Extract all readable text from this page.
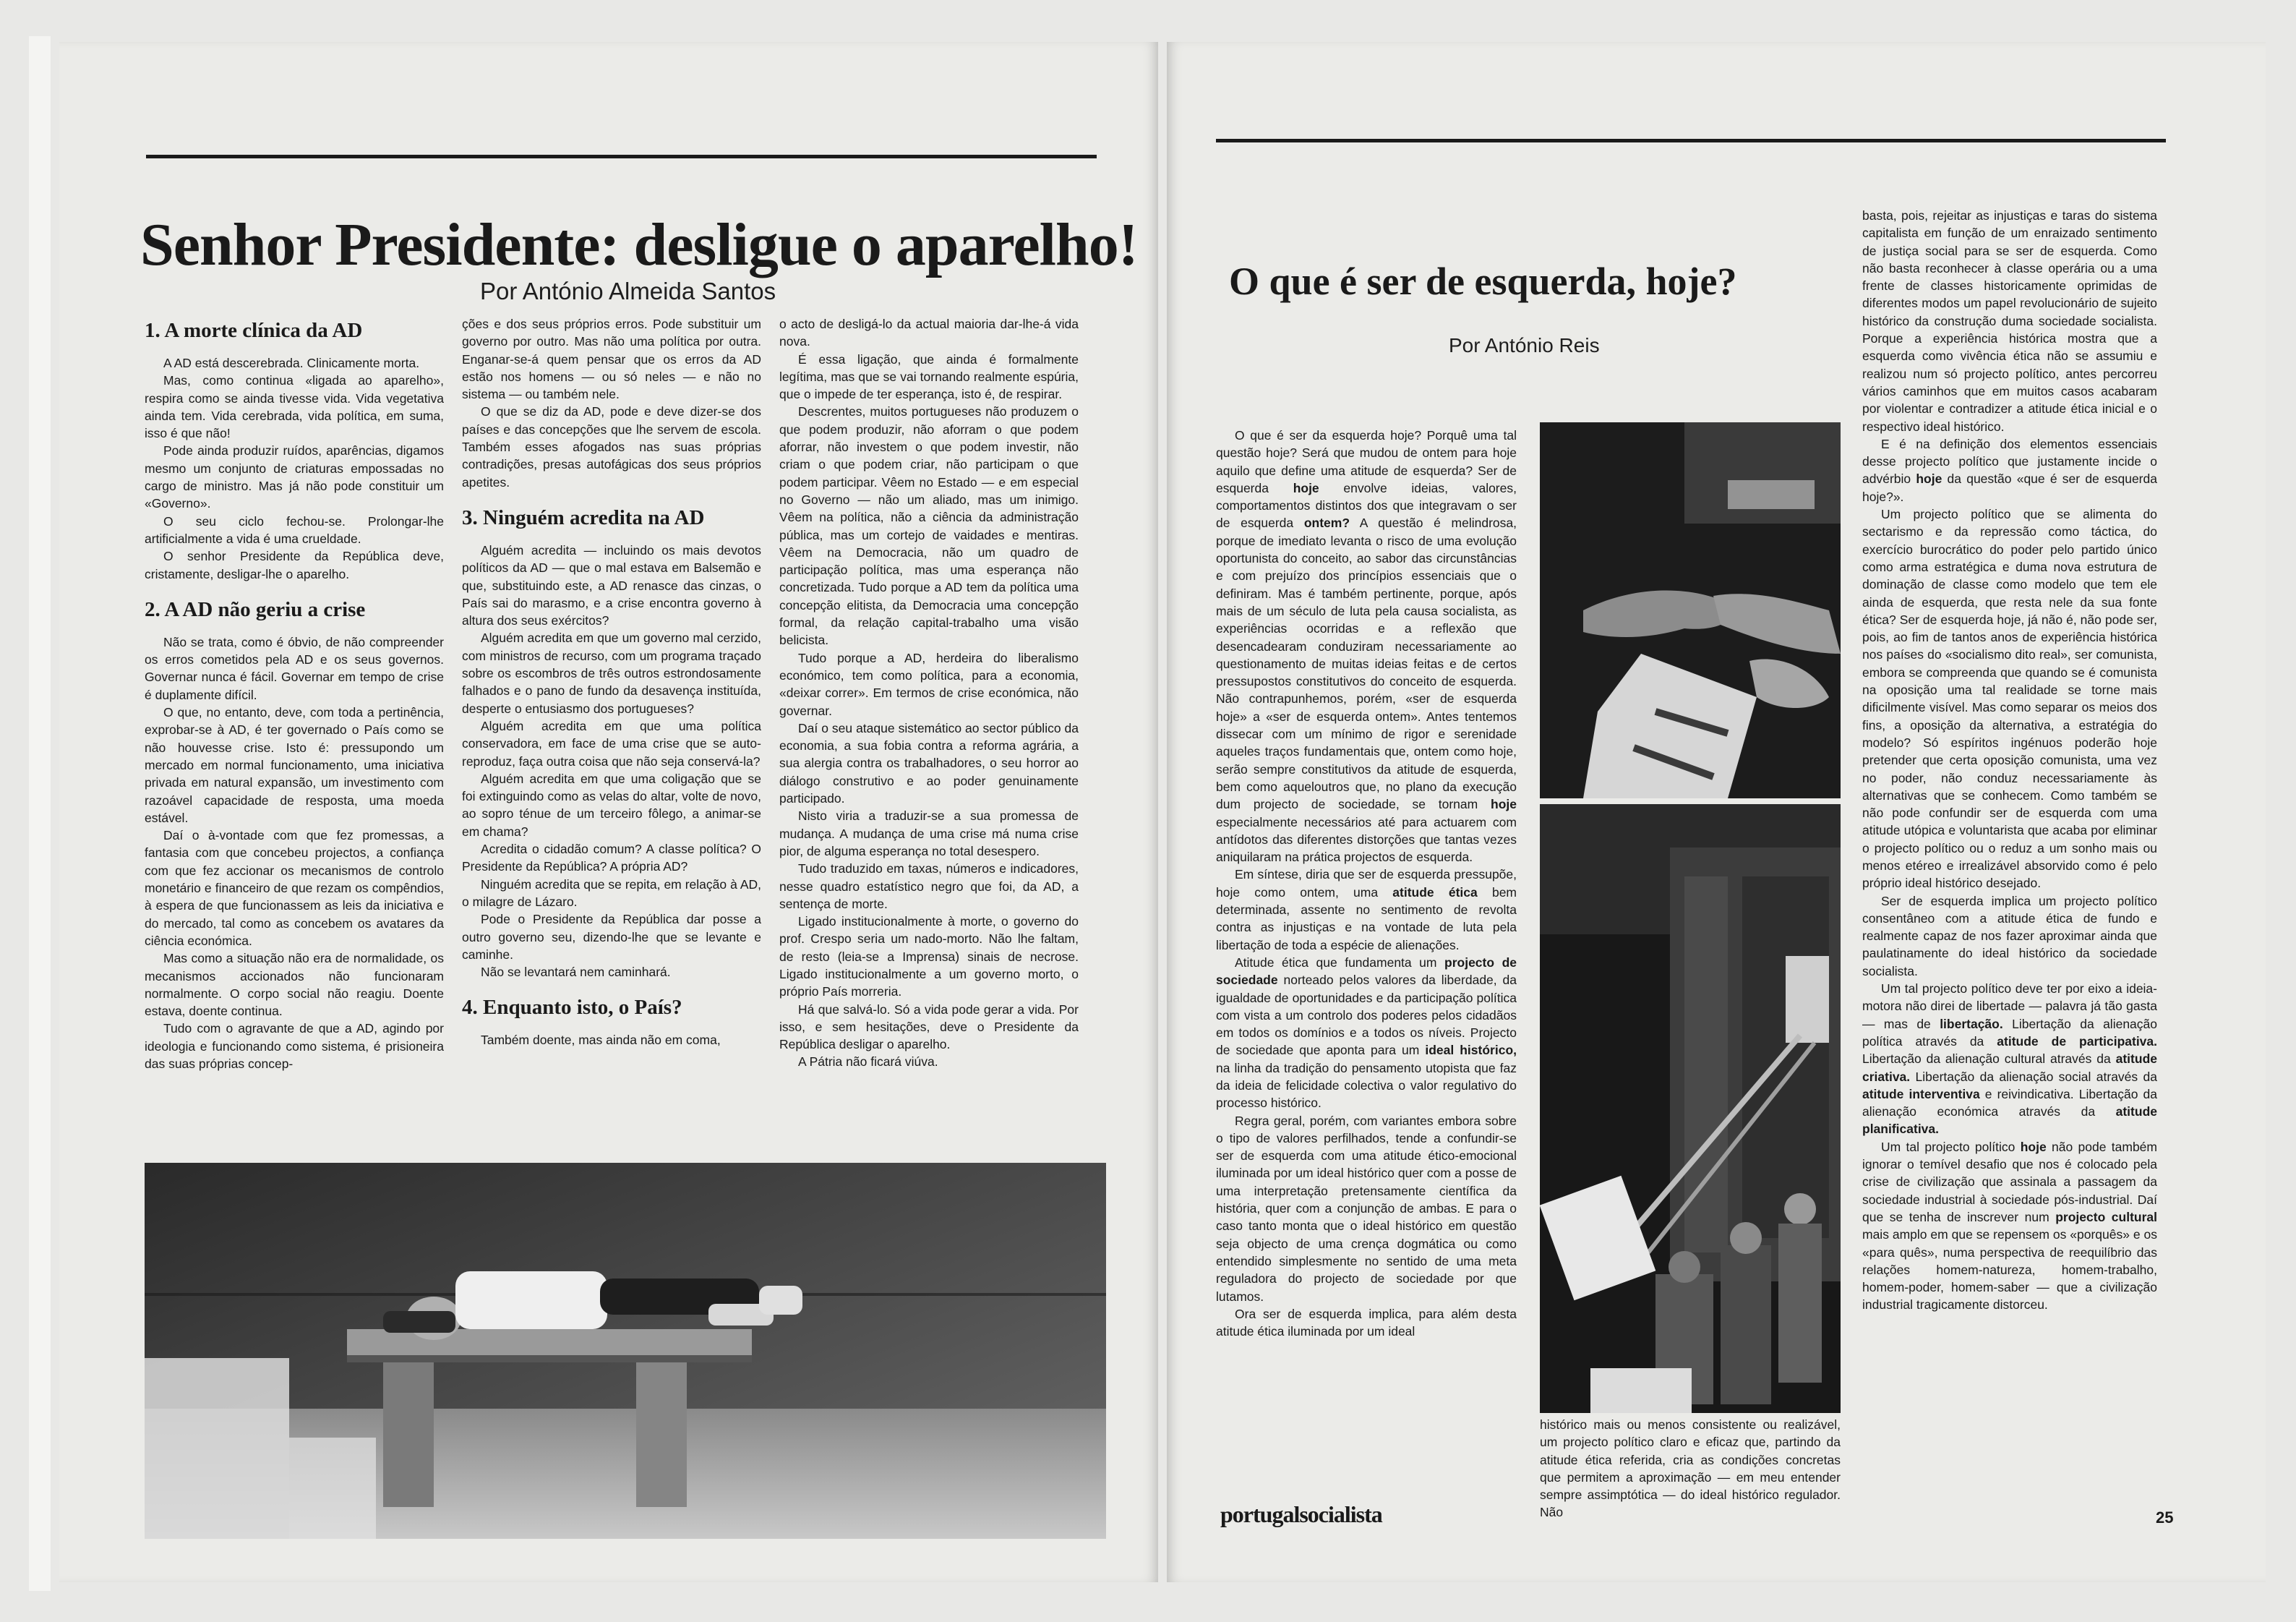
Senhor Presidente: desligue o aparelho!
Por António Almeida Santos
1. A morte clínica da AD

A AD está descerebrada. Clinicamente morta.

Mas, como continua «ligada ao aparelho», respira como se ainda tivesse vida. Vida vegetativa ainda tem. Vida cerebrada, vida política, em suma, isso é que não!

Pode ainda produzir ruídos, aparências, digamos mesmo um conjunto de criaturas empossadas no cargo de ministro. Mas já não pode constituir um «Governo».

O seu ciclo fechou-se. Prolongar-lhe artificialmente a vida é uma crueldade.

O senhor Presidente da República deve, cristamente, desligar-lhe o aparelho.

2. A AD não geriu a crise

Não se trata, como é óbvio, de não compreender os erros cometidos pela AD e os seus governos. Governar nunca é fácil. Governar em tempo de crise é duplamente difícil.

O que, no entanto, deve, com toda a pertinência, exprobar-se à AD, é ter governado o País como se não houvesse crise. Isto é: pressupondo um mercado em normal funcionamento, uma iniciativa privada em natural expansão, um investimento com razoável capacidade de resposta, uma moeda estável.

Daí o à-vontade com que fez promessas, a fantasia com que concebeu projectos, a confiança com que fez accionar os mecanismos de controlo monetário e financeiro de que rezam os compêndios, à espera de que funcionassem as leis da iniciativa e do mercado, tal como as concebem os avatares da ciência económica.

Mas como a situação não era de normalidade, os mecanismos accionados não funcionaram normalmente. O corpo social não reagiu. Doente estava, doente continua.

Tudo com o agravante de que a AD, agindo por ideologia e funcionando como sistema, é prisioneira das suas próprias concep-

ções e dos seus próprios erros. Pode substituir um governo por outro. Mas não uma política por outra. Enganar-se-á quem pensar que os erros da AD estão nos homens — ou só neles — e não no sistema — ou também nele.

O que se diz da AD, pode e deve dizer-se dos países e das concepções que lhe servem de escola. Também esses afogados nas suas próprias contradições, presas autofágicas dos seus próprios apetites.

3. Ninguém acredita na AD

Alguém acredita — incluindo os mais devotos políticos da AD — que o mal estava em Balsemão e que, substituindo este, a AD renasce das cinzas, o País sai do marasmo, e a crise encontra governo à altura dos seus exércitos?

Alguém acredita em que um governo mal cerzido, com ministros de recurso, com um programa traçado sobre os escombros de três outros estrondosamente falhados e o pano de fundo da desavença instituída, desperte o entusiasmo dos portugueses?

Alguém acredita em que uma política conservadora, em face de uma crise que se auto-reproduz, faça outra coisa que não seja conservá-la?

Alguém acredita em que uma coligação que se foi extinguindo como as velas do altar, volte de novo, ao sopro ténue de um terceiro fôlego, a animar-se em chama?

Acredita o cidadão comum? A classe política? O Presidente da República? A própria AD?

Ninguém acredita que se repita, em relação à AD, o milagre de Lázaro.

Pode o Presidente da República dar posse a outro governo seu, dizendo-lhe que se levante e caminhe.

Não se levantará nem caminhará.

4. Enquanto isto, o País?

Também doente, mas ainda não em coma,

o acto de desligá-lo da actual maioria dar-lhe-á vida nova.

É essa ligação, que ainda é formalmente legítima, mas que se vai tornando realmente espúria, que o impede de ter esperança, isto é, de respirar.

Descrentes, muitos portugueses não produzem o que podem produzir, não aforram o que podem aforrar, não investem o que podem investir, não criam o que podem criar, não participam o que podem participar. Vêem no Estado — e em especial no Governo — não um aliado, mas um inimigo. Vêem na política, não a ciência da administração pública, mas um cortejo de vaidades e mentiras. Vêem na Democracia, não um quadro de participação política, mas uma esperança não concretizada. Tudo porque a AD tem da política uma concepção elitista, da Democracia uma concepção formal, da relação capital-trabalho uma visão belicista.

Tudo porque a AD, herdeira do liberalismo económico, tem como política, para a economia, «deixar correr». Em termos de crise económica, não governar.

Daí o seu ataque sistemático ao sector público da economia, a sua fobia contra a reforma agrária, a sua alergia contra os trabalhadores, o seu horror ao diálogo construtivo e ao poder genuinamente participado.

Nisto viria a traduzir-se a sua promessa de mudança. A mudança de uma crise má numa crise pior, de alguma esperança no total desespero.

Tudo traduzido em taxas, números e indicadores, nesse quadro estatístico negro que foi, da AD, a sentença de morte.

Ligado institucionalmente à morte, o governo do prof. Crespo seria um nado-morto. Não lhe faltam, de resto (leia-se a Imprensa) sinais de necrose. Ligado institucionalmente a um governo morto, o próprio País morreria.

Há que salvá-lo. Só a vida pode gerar a vida. Por isso, e sem hesitações, deve o Presidente da República desligar o aparelho.

A Pátria não ficará viúva.

O que é ser de esquerda, hoje?
Por António Reis

O que é ser da esquerda hoje? Porquê uma tal questão hoje? Será que mudou de ontem para hoje aquilo que define uma atitude de esquerda? Ser de esquerda hoje envolve ideias, valores, comportamentos distintos dos que integravam o ser de esquerda ontem? A questão é melindrosa, porque de imediato levanta o risco de uma evolução oportunista do conceito, ao sabor das circunstâncias e com prejuízo dos princípios essenciais que o definiram. Mas é também pertinente, porque, após mais de um século de luta pela causa socialista, as experiências ocorridas e a reflexão que desencadearam conduziram necessariamente ao questionamento de muitas ideias feitas e de certos pressupostos constitutivos do conceito de esquerda. Não contrapunhemos, porém, «ser de esquerda hoje» a «ser de esquerda ontem». Antes tentemos dissecar com um mínimo de rigor e serenidade aqueles traços fundamentais que, ontem como hoje, serão sempre constitutivos da atitude de esquerda, bem como aqueloutros que, no plano da execução dum projecto de sociedade, se tornam hoje especialmente necessários até para actuarem com antídotos das diferentes distorções que tantas vezes aniquilaram na prática projectos de esquerda.

Em síntese, diria que ser de esquerda pressupõe, hoje como ontem, uma atitude ética bem determinada, assente no sentimento de revolta contra as injustiças e na vontade de luta pela libertação de toda a espécie de alienações.

Atitude ética que fundamenta um projecto de sociedade norteado pelos valores da liberdade, da igualdade de oportunidades e da participação política com vista a um controlo dos poderes pelos cidadãos em todos os domínios e a todos os níveis. Projecto de sociedade que aponta para um ideal histórico, na linha da tradição do pensamento utopista que faz da ideia de felicidade colectiva o valor regulativo do processo histórico.

Regra geral, porém, com variantes embora sobre o tipo de valores perfilhados, tende a confundir-se ser de esquerda com uma atitude ético-emocional iluminada por um ideal histórico quer com a posse de uma interpretação pretensamente científica da história, quer com a conjunção de ambas. E para o caso tanto monta que o ideal histórico em questão seja objecto de uma crença dogmática ou como entendido simplesmente no sentido de uma meta reguladora do projecto de sociedade por que lutamos.

Ora ser de esquerda implica, para além desta atitude ética iluminada por um ideal

histórico mais ou menos consistente ou realizável, um projecto político claro e eficaz que, partindo da atitude ética referida, cria as condições concretas que permitem a aproximação — em meu entender sempre assimptótica — do ideal histórico regulador. Não

basta, pois, rejeitar as injustiças e taras do sistema capitalista em função de um enraizado sentimento de justiça social para se ser de esquerda. Como não basta reconhecer à classe operária ou a uma frente de classes historicamente oprimidas de diferentes modos um papel revolucionário de sujeito histórico da construção duma sociedade socialista. Porque a experiência histórica mostra que a esquerda como vivência ética não se assumiu e realizou num só projecto político, antes percorreu vários caminhos que em muitos casos acabaram por violentar e contradizer a atitude ética inicial e o respectivo ideal histórico.

E é na definição dos elementos essenciais desse projecto político que justamente incide o advérbio hoje da questão «que é ser de esquerda hoje?».

Um projecto político que se alimenta do sectarismo e da repressão como táctica, do exercício burocrático do poder pelo partido único como arma estratégica e duma nova estrutura de dominação de classe como modelo que tem ele ainda de esquerda, que resta nele da sua fonte ética? Ser de esquerda hoje, já não é, não pode ser, pois, ao fim de tantos anos de experiência histórica nos países do «socialismo dito real», ser comunista, embora se compreenda que quando se é comunista na oposição uma tal realidade se torne mais dificilmente visível. Mas como separar os meios dos fins, a oposição da alternativa, a estratégia do modelo? Só espíritos ingénuos poderão hoje pretender que certa oposição comunista, uma vez no poder, não conduz necessariamente às alternativas que se conhecem. Como também se não pode confundir ser de esquerda com uma atitude utópica e voluntarista que acaba por eliminar o projecto político ou o reduz a um sonho mais ou menos etéreo e irrealizável absorvido como é pelo próprio ideal histórico desejado.

Ser de esquerda implica um projecto político consentâneo com a atitude ética de fundo e realmente capaz de nos fazer aproximar ainda que paulatinamente do ideal histórico da sociedade socialista.

Um tal projecto político deve ter por eixo a ideia-motora não direi de libertade — palavra já tão gasta — mas de libertação. Libertação da alienação política através da atitude de participativa. Libertação da alienação cultural através da atitude criativa. Libertação da alienação social através da atitude interventiva e reivindicativa. Libertação da alienação económica através da atitude planificativa.

Um tal projecto político hoje não pode também ignorar o temível desafio que nos é colocado pela crise de civilização que assinala a passagem da sociedade industrial à sociedade pós-industrial. Daí que se tenha de inscrever num projecto cultural mais amplo em que se repensem os «porquês» e os «para quês», numa perspectiva de reequilíbrio das relações homem-natureza, homem-trabalho, homem-poder, homem-saber — que a civilização industrial tragicamente distorceu.

portugalsocialista	25
